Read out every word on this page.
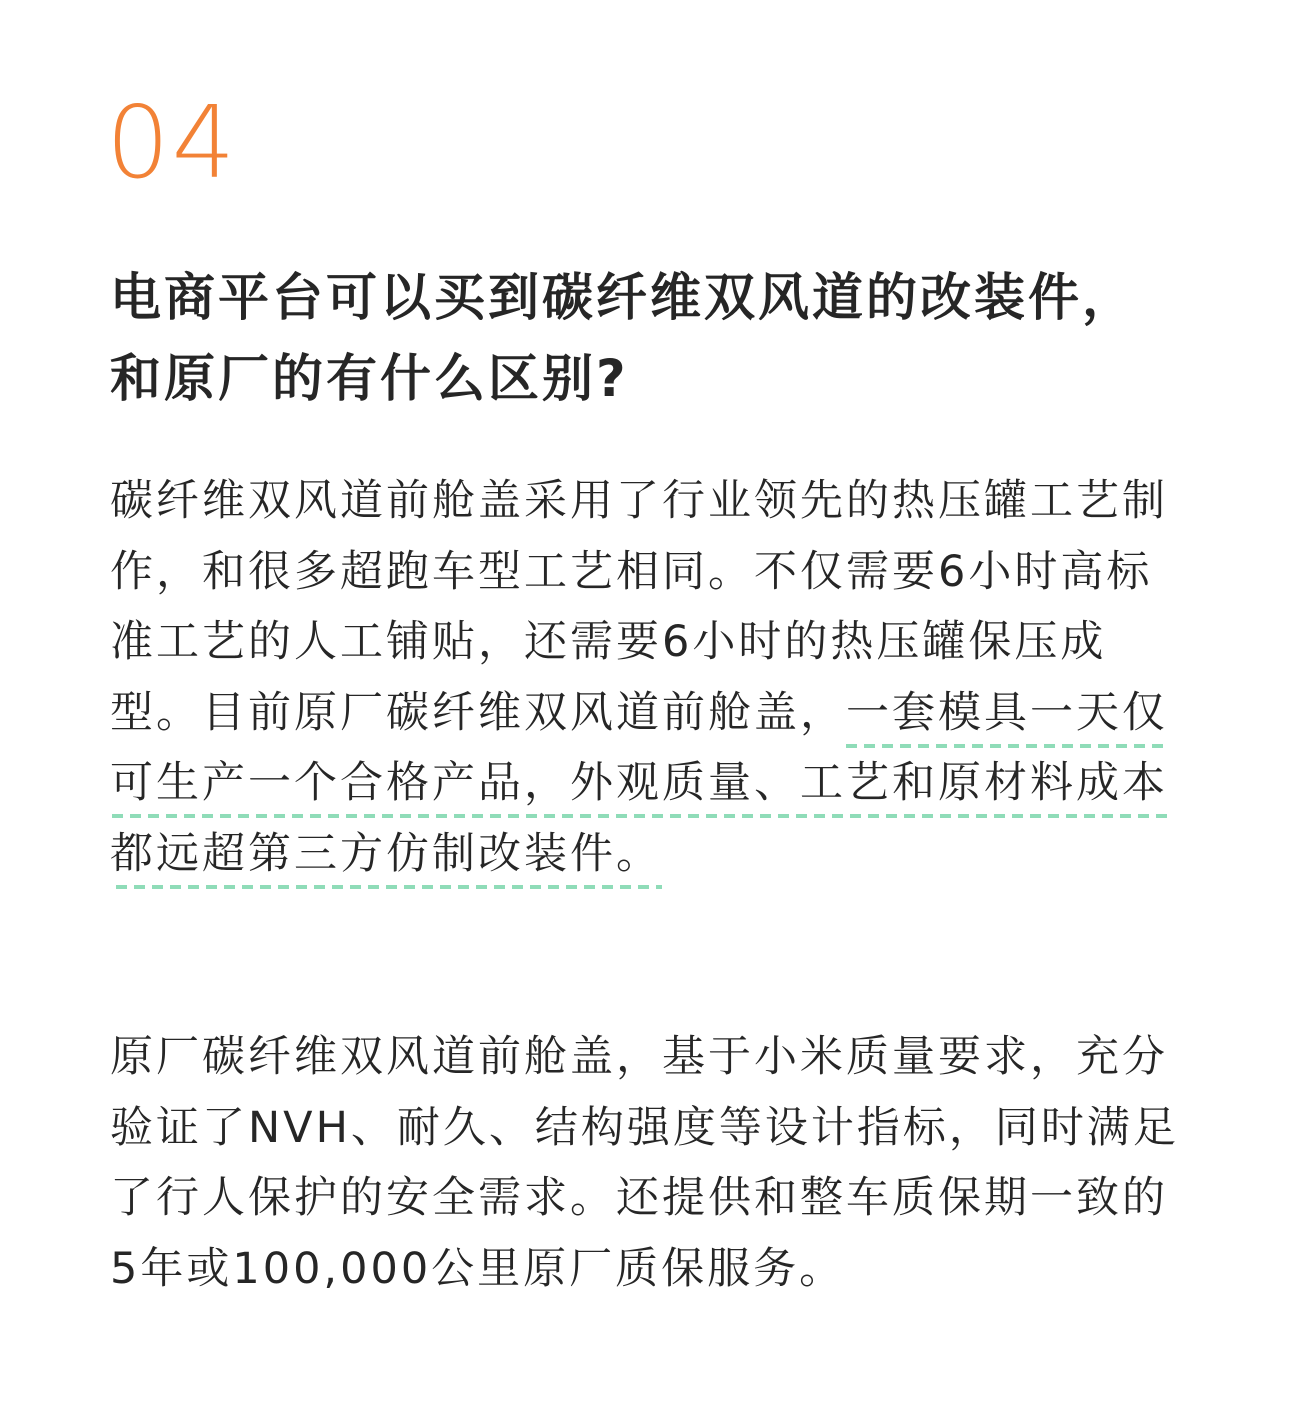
04
电商平台可以买到碳纤维双风道的改装件，和原厂的有什么区别?

碳纤维双风道前舱盖采用了行业领先的热压罐工艺制作，和很多超跑车型工艺相同。不仅需要6小时高标准工艺的人工铺贴，还需要6小时的热压罐保压成型。目前原厂碳纤维双风道前舱盖，一套模具一天仅可生产一个合格产品，外观质量、工艺和原材料成本都远超第三方仿制改装件。

原厂碳纤维双风道前舱盖，基于小米质量要求，充分验证了NVH、耐久、结构强度等设计指标，同时满足了行人保护的安全需求。还提供和整车质保期一致的5年或100,000公里原厂质保服务。
